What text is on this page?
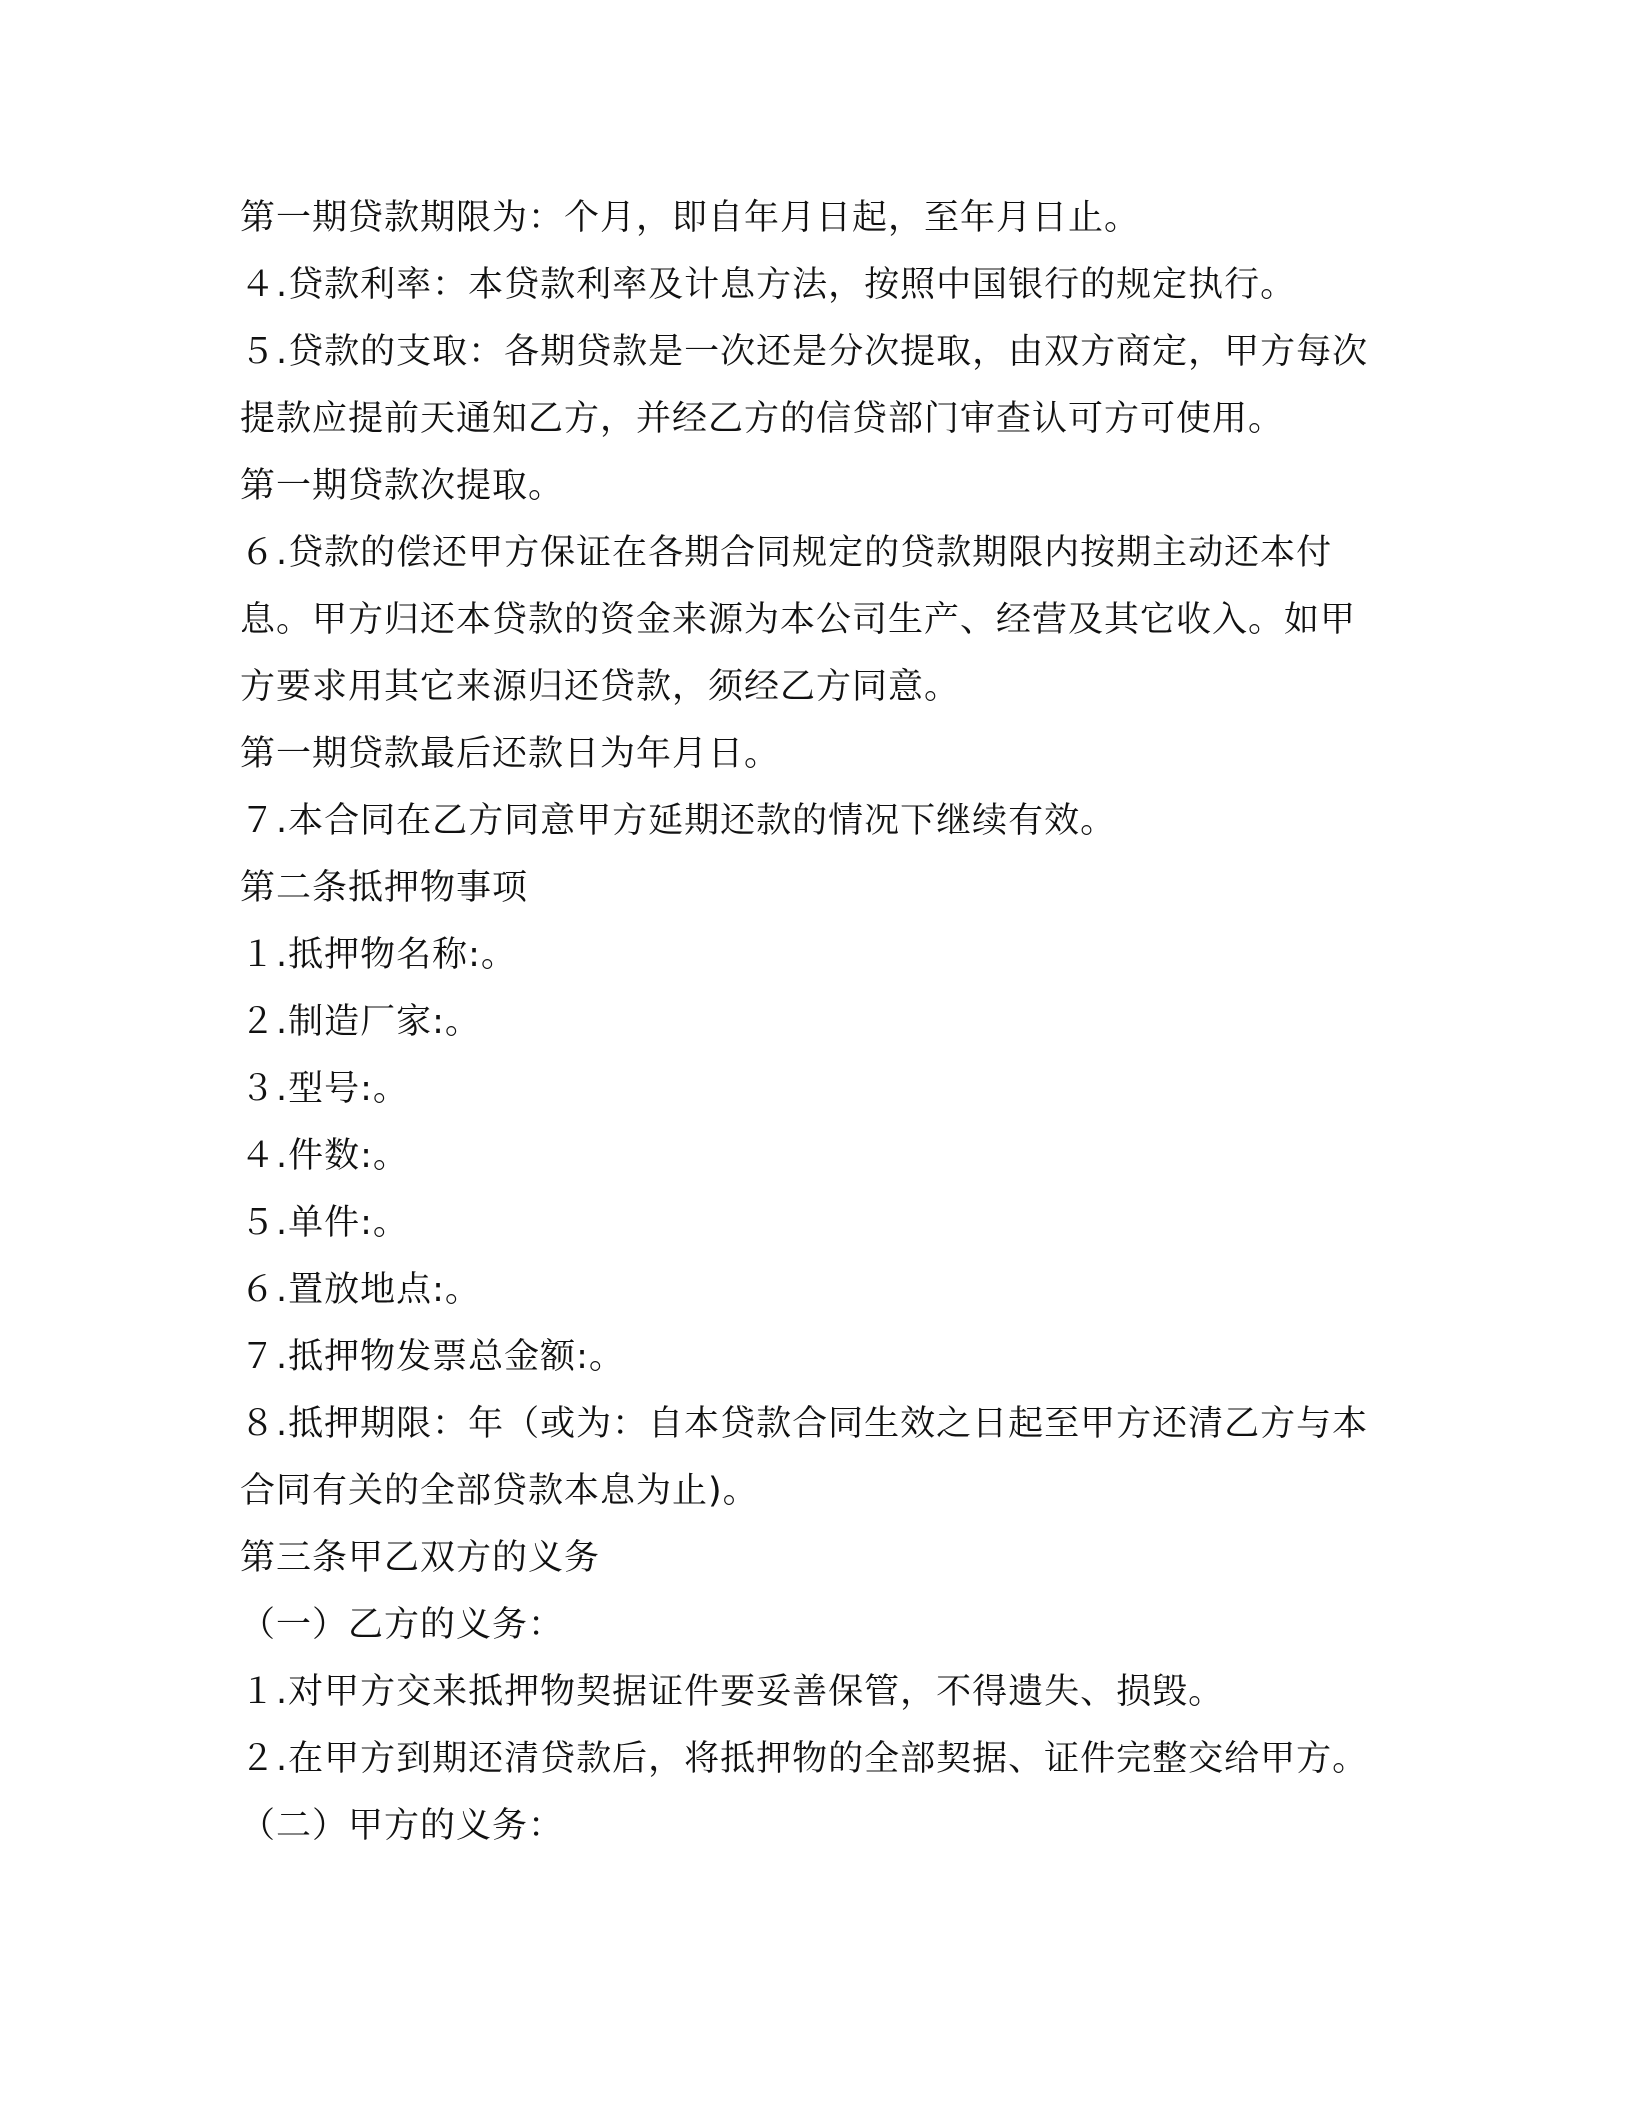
第一期贷款期限为：个月，即自年月日起，至年月日止。
４.贷款利率：本贷款利率及计息方法，按照中国银行的规定执行。
５.贷款的支取：各期贷款是一次还是分次提取，由双方商定，甲方每次
提款应提前天通知乙方，并经乙方的信贷部门审查认可方可使用。
第一期贷款次提取。
６.贷款的偿还甲方保证在各期合同规定的贷款期限内按期主动还本付
息。甲方归还本贷款的资金来源为本公司生产、经营及其它收入。如甲
方要求用其它来源归还贷款，须经乙方同意。
第一期贷款最后还款日为年月日。
７.本合同在乙方同意甲方延期还款的情况下继续有效。
第二条抵押物事项
１.抵押物名称:。
２.制造厂家:。
３.型号:。
４.件数:。
５.单件:。
６.置放地点:。
７.抵押物发票总金额:。
８.抵押期限：年（或为：自本贷款合同生效之日起至甲方还清乙方与本
合同有关的全部贷款本息为止)。
第三条甲乙双方的义务
（一）乙方的义务：
１.对甲方交来抵押物契据证件要妥善保管，不得遗失、损毁。
２.在甲方到期还清贷款后，将抵押物的全部契据、证件完整交给甲方。
（二）甲方的义务：
